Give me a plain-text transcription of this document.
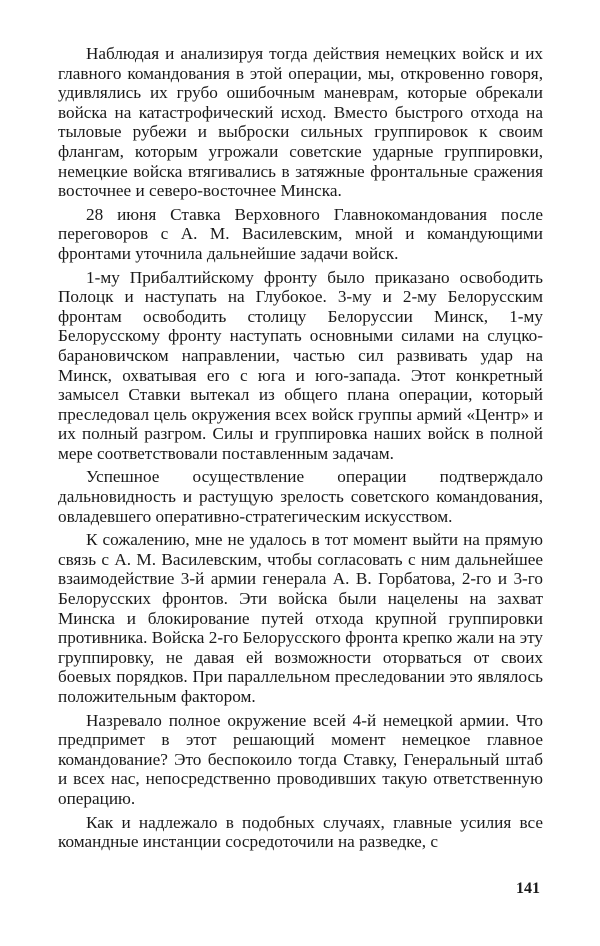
Наблюдая и анализируя тогда действия немецких войск и их главного командования в этой операции, мы, откровенно говоря, удивлялись их грубо ошибочным маневрам, которые обрекали войска на катастрофический исход. Вместо быстрого отхода на тыловые рубежи и выброски сильных группировок к своим флангам, которым угрожали советские ударные группировки, немецкие войска втягивались в затяжные фронтальные сражения восточнее и северо-восточнее Минска.

28 июня Ставка Верховного Главнокомандования после переговоров с А. М. Василевским, мной и командующими фронтами уточнила дальнейшие задачи войск.

1-му Прибалтийскому фронту было приказано освободить Полоцк и наступать на Глубокое. 3-му и 2-му Белорусским фронтам освободить столицу Белоруссии Минск, 1-му Белорусскому фронту наступать основными силами на слуцко-барановичском направлении, частью сил развивать удар на Минск, охватывая его с юга и юго-запада. Этот конкретный замысел Ставки вытекал из общего плана операции, который преследовал цель окружения всех войск группы армий «Центр» и их полный разгром. Силы и группировка наших войск в полной мере соответствовали поставленным задачам.

Успешное осуществление операции подтверждало дальновидность и растущую зрелость советского командования, овладевшего оперативно-стратегическим искусством.

К сожалению, мне не удалось в тот момент выйти на прямую связь с А. М. Василевским, чтобы согласовать с ним дальнейшее взаимодействие 3-й армии генерала А. В. Горбатова, 2-го и 3-го Белорусских фронтов. Эти войска были нацелены на захват Минска и блокирование путей отхода крупной группировки противника. Войска 2-го Белорусского фронта крепко жали на эту группировку, не давая ей возможности оторваться от своих боевых порядков. При параллельном преследовании это являлось положительным фактором.

Назревало полное окружение всей 4-й немецкой армии. Что предпримет в этот решающий момент немецкое главное командование? Это беспокоило тогда Ставку, Генеральный штаб и всех нас, непосредственно проводивших такую ответственную операцию.

Как и надлежало в подобных случаях, главные усилия все командные инстанции сосредоточили на разведке, с

141
